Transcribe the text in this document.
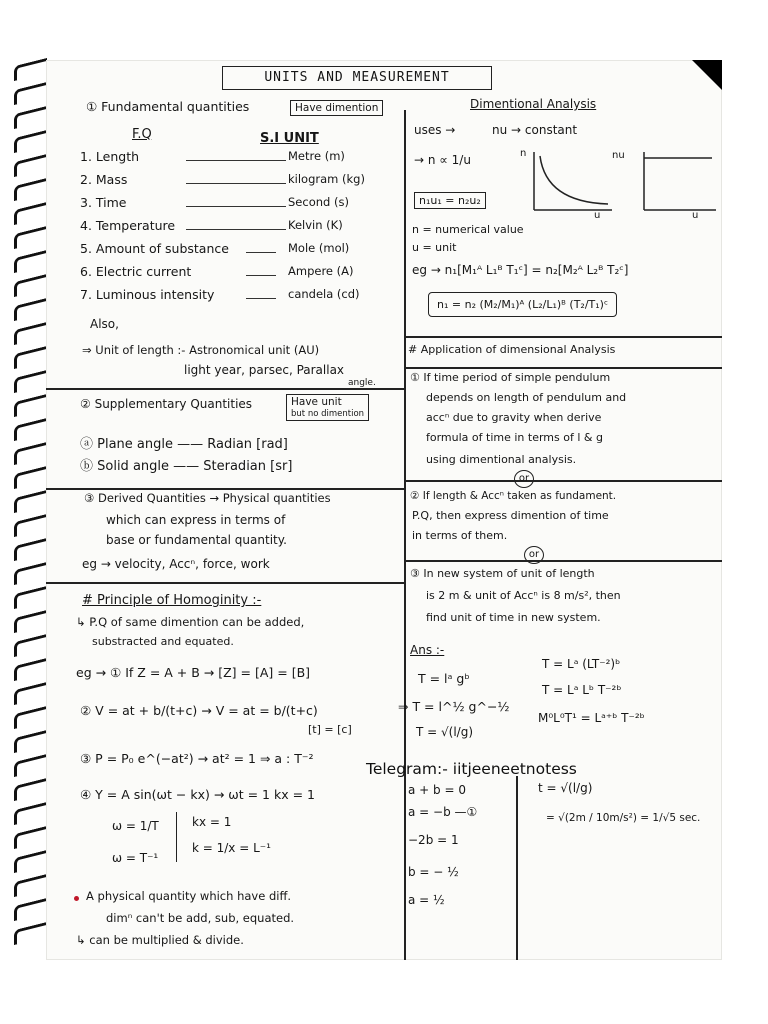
UNITS AND MEASUREMENT
① Fundamental quantities	Have dimention
F.Q	S.I UNIT
1. Length	Metre (m)
2. Mass	kilogram (kg)
3. Time	Second (s)
4. Temperature	Kelvin (K)
5. Amount of substance	Mole (mol)
6. Electric current	Ampere (A)
7. Luminous intensity	candela (cd)
Also,
⇒ Unit of length :- Astronomical unit (AU)
light year, parsec, Parallax
angle.
② Supplementary Quantities	Have unit
but no dimention
ⓐ Plane angle —— Radian [rad]
ⓑ Solid angle —— Steradian [sr]
③ Derived Quantities → Physical quantities
which can express in terms of
base or fundamental quantity.
eg → velocity, Accⁿ, force, work
# Principle of Homoginity :-
↳ P.Q of same dimention can be added,
substracted and equated.
eg → ① If Z = A + B → [Z] = [A] = [B]
② V = at + b/(t+c) → V = at = b/(t+c)
[t] = [c]
③ P = P₀ e^(−at²) → at² = 1 ⇒ a : T⁻²
④ Y = A sin(ωt − kx) → ωt = 1 kx = 1
ω = 1/T
ω = T⁻¹
kx = 1
k = 1/x = L⁻¹
A physical quantity which have diff.
dimⁿ can't be add, sub, equated.
↳ can be multiplied & divide.
Dimentional Analysis
uses →	nu → constant
→ n ∝ 1/u	n
u
nu
u
n₁u₁ = n₂u₂
n = numerical value
u = unit
eg → n₁[M₁ᴬ L₁ᴮ T₁ᶜ] = n₂[M₂ᴬ L₂ᴮ T₂ᶜ]
n₁ = n₂ (M₂/M₁)ᴬ (L₂/L₁)ᴮ (T₂/T₁)ᶜ
# Application of dimensional Analysis
① If time period of simple pendulum
depends on length of pendulum and
accⁿ due to gravity when derive
formula of time in terms of l & g
using dimentional analysis.
or
② If length & Accⁿ taken as fundament.
P.Q, then express dimention of time
in terms of them.
or
③ In new system of unit of length
is 2 m & unit of Accⁿ is 8 m/s², then
find unit of time in new system.
Ans :-
T = lᵃ gᵇ
⇒ T = l^½ g^−½
T = √(l/g)
T = Lᵃ (LT⁻²)ᵇ
T = Lᵃ Lᵇ T⁻²ᵇ
M⁰L⁰T¹ = Lᵃ⁺ᵇ T⁻²ᵇ
a + b = 0
a = −b —①
−2b = 1
b = − ½
a = ½
t = √(l/g)
= √(2m / 10m/s²) = 1/√5 sec.
Telegram:- iitjeeneetnotess
